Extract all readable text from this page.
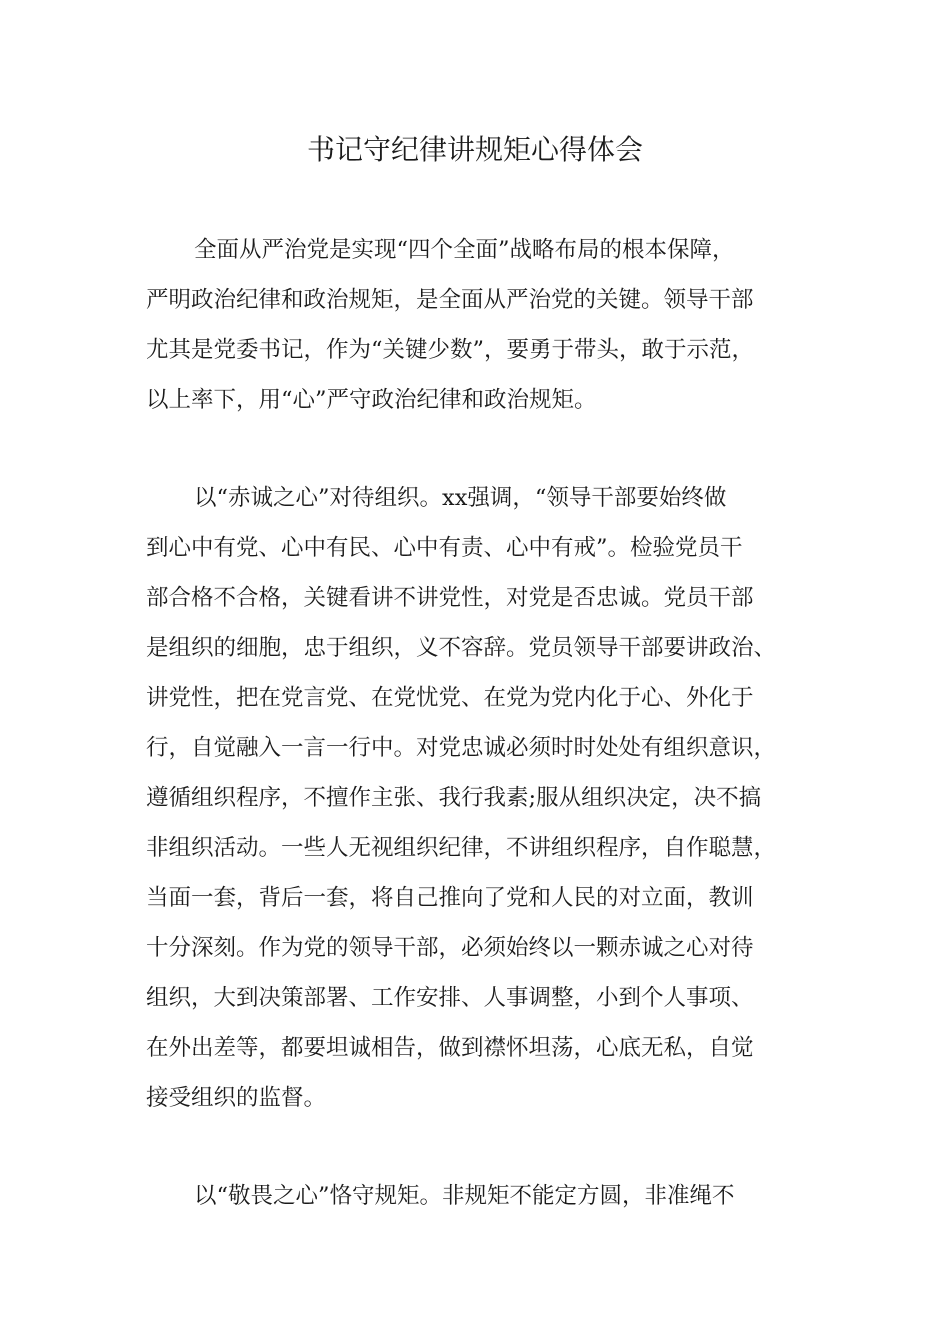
书记守纪律讲规矩心得体会
全面从严治党是实现“四个全面”战略布局的根本保障，
严明政治纪律和政治规矩，是全面从严治党的关键。领导干部
尤其是党委书记，作为“关键少数”，要勇于带头，敢于示范，
以上率下，用“心”严守政治纪律和政治规矩。
以“赤诚之心”对待组织。xx强调，“领导干部要始终做
到心中有党、心中有民、心中有责、心中有戒”。检验党员干
部合格不合格，关键看讲不讲党性，对党是否忠诚。党员干部
是组织的细胞，忠于组织，义不容辞。党员领导干部要讲政治、
讲党性，把在党言党、在党忧党、在党为党内化于心、外化于
行，自觉融入一言一行中。对党忠诚必须时时处处有组织意识，
遵循组织程序，不擅作主张、我行我素;服从组织决定，决不搞
非组织活动。一些人无视组织纪律，不讲组织程序，自作聪慧，
当面一套，背后一套，将自己推向了党和人民的对立面，教训
十分深刻。作为党的领导干部，必须始终以一颗赤诚之心对待
组织，大到决策部署、工作安排、人事调整，小到个人事项、
在外出差等，都要坦诚相告，做到襟怀坦荡，心底无私，自觉
接受组织的监督。
以“敬畏之心”恪守规矩。非规矩不能定方圆，非准绳不
